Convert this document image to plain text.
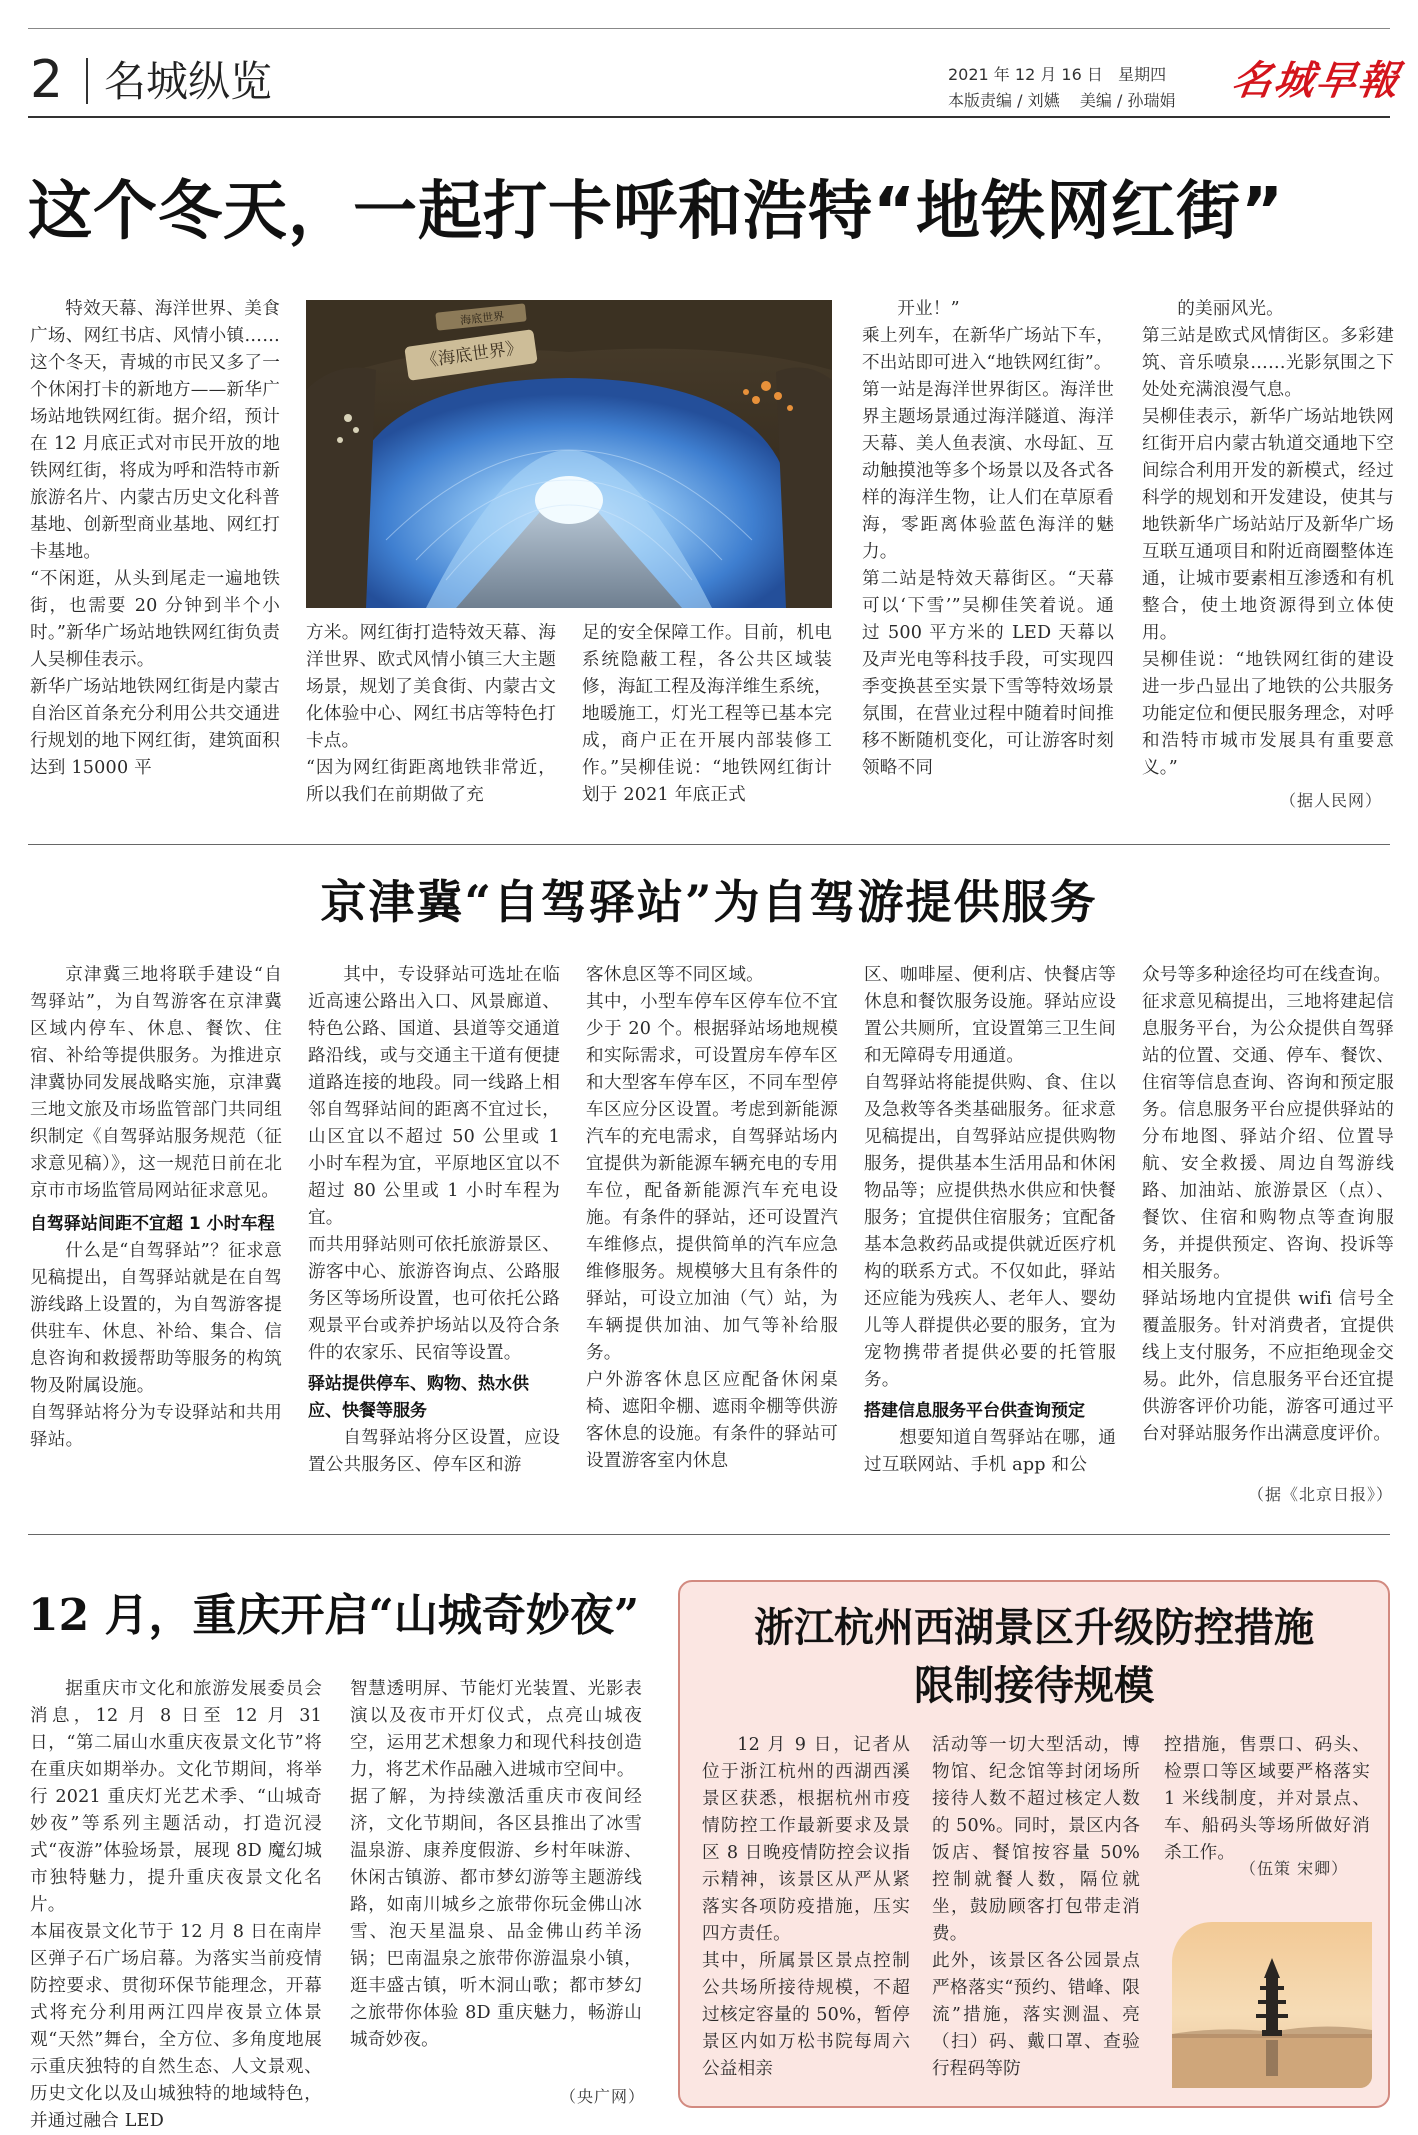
2 名城纵览	2021 年 12 月 16 日   星期四
本版责编 / 刘嬿    美编 / 孙瑞娟 名城早報
这个冬天，一起打卡呼和浩特“地铁网红街”
特效天幕、海洋世界、美食广场、网红书店、风情小镇……这个冬天，青城的市民又多了一个休闲打卡的新地方——新华广场站地铁网红街。据介绍，预计在 12 月底正式对市民开放的地铁网红街，将成为呼和浩特市新旅游名片、内蒙古历史文化科普基地、创新型商业基地、网红打卡基地。
“不闲逛，从头到尾走一遍地铁街，也需要 20 分钟到半个小时。”新华广场站地铁网红街负责人吴柳佳表示。
新华广场站地铁网红街是内蒙古自治区首条充分利用公共交通进行规划的地下网红街，建筑面积达到 15000 平
《海底世界》
海底世界
方米。网红街打造特效天幕、海洋世界、欧式风情小镇三大主题场景，规划了美食街、内蒙古文化体验中心、网红书店等特色打卡点。
“因为网红街距离地铁非常近，所以我们在前期做了充
足的安全保障工作。目前，机电系统隐蔽工程，各公共区域装修，海缸工程及海洋维生系统，地暖施工，灯光工程等已基本完成，商户正在开展内部装修工作。”吴柳佳说：“地铁网红街计划于 2021 年底正式
开业！”
乘上列车，在新华广场站下车，不出站即可进入“地铁网红街”。
第一站是海洋世界街区。海洋世界主题场景通过海洋隧道、海洋天幕、美人鱼表演、水母缸、互动触摸池等多个场景以及各式各样的海洋生物，让人们在草原看海，零距离体验蓝色海洋的魅力。
第二站是特效天幕街区。“天幕可以‘下雪’”吴柳佳笑着说。通过 500 平方米的 LED 天幕以及声光电等科技手段，可实现四季变换甚至实景下雪等特效场景氛围，在营业过程中随着时间推移不断随机变化，可让游客时刻领略不同
的美丽风光。
第三站是欧式风情街区。多彩建筑、音乐喷泉……光影氛围之下处处充满浪漫气息。
吴柳佳表示，新华广场站地铁网红街开启内蒙古轨道交通地下空间综合利用开发的新模式，经过科学的规划和开发建设，使其与地铁新华广场站站厅及新华广场互联互通项目和附近商圈整体连通，让城市要素相互渗透和有机整合，使土地资源得到立体使用。
吴柳佳说：“地铁网红街的建设进一步凸显出了地铁的公共服务功能定位和便民服务理念，对呼和浩特市城市发展具有重要意义。”
（据人民网）
京津冀“自驾驿站”为自驾游提供服务
京津冀三地将联手建设“自驾驿站”，为自驾游客在京津冀区域内停车、休息、餐饮、住宿、补给等提供服务。为推进京津冀协同发展战略实施，京津冀三地文旅及市场监管部门共同组织制定《自驾驿站服务规范（征求意见稿）》，这一规范日前在北京市市场监管局网站征求意见。
自驾驿站间距不宜超 1 小时车程
什么是“自驾驿站”？征求意见稿提出，自驾驿站就是在自驾游线路上设置的，为自驾游客提供驻车、休息、补给、集合、信息咨询和救援帮助等服务的构筑物及附属设施。
自驾驿站将分为专设驿站和共用驿站。
其中，专设驿站可选址在临近高速公路出入口、风景廊道、特色公路、国道、县道等交通道路沿线，或与交通主干道有便捷道路连接的地段。同一线路上相邻自驾驿站间的距离不宜过长，山区宜以不超过 50 公里或 1 小时车程为宜，平原地区宜以不超过 80 公里或 1 小时车程为宜。
而共用驿站则可依托旅游景区、游客中心、旅游咨询点、公路服务区等场所设置，也可依托公路观景平台或养护场站以及符合条件的农家乐、民宿等设置。
驿站提供停车、购物、热水供应、快餐等服务
自驾驿站将分区设置，应设置公共服务区、停车区和游
客休息区等不同区域。
其中，小型车停车区停车位不宜少于 20 个。根据驿站场地规模和实际需求，可设置房车停车区和大型客车停车区，不同车型停车区应分区设置。考虑到新能源汽车的充电需求，自驾驿站场内宜提供为新能源车辆充电的专用车位，配备新能源汽车充电设施。有条件的驿站，还可设置汽车维修点，提供简单的汽车应急维修服务。规模够大且有条件的驿站，可设立加油（气）站，为车辆提供加油、加气等补给服务。
户外游客休息区应配备休闲桌椅、遮阳伞棚、遮雨伞棚等供游客休息的设施。有条件的驿站可设置游客室内休息
区、咖啡屋、便利店、快餐店等休息和餐饮服务设施。驿站应设置公共厕所，宜设置第三卫生间和无障碍专用通道。
自驾驿站将能提供购、食、住以及急救等各类基础服务。征求意见稿提出，自驾驿站应提供购物服务，提供基本生活用品和休闲物品等；应提供热水供应和快餐服务；宜提供住宿服务；宜配备基本急救药品或提供就近医疗机构的联系方式。不仅如此，驿站还应能为残疾人、老年人、婴幼儿等人群提供必要的服务，宜为宠物携带者提供必要的托管服务。
搭建信息服务平台供查询预定
想要知道自驾驿站在哪，通过互联网站、手机 app 和公
众号等多种途径均可在线查询。
征求意见稿提出，三地将建起信息服务平台，为公众提供自驾驿站的位置、交通、停车、餐饮、住宿等信息查询、咨询和预定服务。信息服务平台应提供驿站的分布地图、驿站介绍、位置导航、安全救援、周边自驾游线路、加油站、旅游景区（点）、餐饮、住宿和购物点等查询服务，并提供预定、咨询、投诉等相关服务。
驿站场地内宜提供 wifi 信号全覆盖服务。针对消费者，宜提供线上支付服务，不应拒绝现金交易。此外，信息服务平台还宜提供游客评价功能，游客可通过平台对驿站服务作出满意度评价。
（据《北京日报》）
12 月，重庆开启“山城奇妙夜”
据重庆市文化和旅游发展委员会消息，12 月 8 日至 12 月 31 日，“第二届山水重庆夜景文化节”将在重庆如期举办。文化节期间，将举行 2021 重庆灯光艺术季、“山城奇妙夜”等系列主题活动，打造沉浸式“夜游”体验场景，展现 8D 魔幻城市独特魅力，提升重庆夜景文化名片。
本届夜景文化节于 12 月 8 日在南岸区弹子石广场启幕。为落实当前疫情防控要求、贯彻环保节能理念，开幕式将充分利用两江四岸夜景立体景观“天然”舞台，全方位、多角度地展示重庆独特的自然生态、人文景观、历史文化以及山城独特的地域特色，并通过融合 LED
智慧透明屏、节能灯光装置、光影表演以及夜市开灯仪式，点亮山城夜空，运用艺术想象力和现代科技创造力，将艺术作品融入进城市空间中。
据了解，为持续激活重庆市夜间经济，文化节期间，各区县推出了冰雪温泉游、康养度假游、乡村年味游、休闲古镇游、都市梦幻游等主题游线路，如南川城乡之旅带你玩金佛山冰雪、泡天星温泉、品金佛山药羊汤锅；巴南温泉之旅带你游温泉小镇，逛丰盛古镇，听木洞山歌；都市梦幻之旅带你体验 8D 重庆魅力，畅游山城奇妙夜。
（央广网）
浙江杭州西湖景区升级防控措施
限制接待规模
12 月 9 日，记者从位于浙江杭州的西湖西溪景区获悉，根据杭州市疫情防控工作最新要求及景区 8 日晚疫情防控会议指示精神，该景区从严从紧落实各项防疫措施，压实四方责任。
其中，所属景区景点控制公共场所接待规模，不超过核定容量的 50%，暂停景区内如万松书院每周六公益相亲
活动等一切大型活动，博物馆、纪念馆等封闭场所接待人数不超过核定人数的 50%。同时，景区内各饭店、餐馆按容量 50% 控制就餐人数，隔位就坐，鼓励顾客打包带走消费。
此外，该景区各公园景点严格落实“预约、错峰、限流”措施，落实测温、亮（扫）码、戴口罩、查验行程码等防
控措施，售票口、码头、检票口等区域要严格落实 1 米线制度，并对景点、车、船码头等场所做好消杀工作。
（伍策 宋卿）
